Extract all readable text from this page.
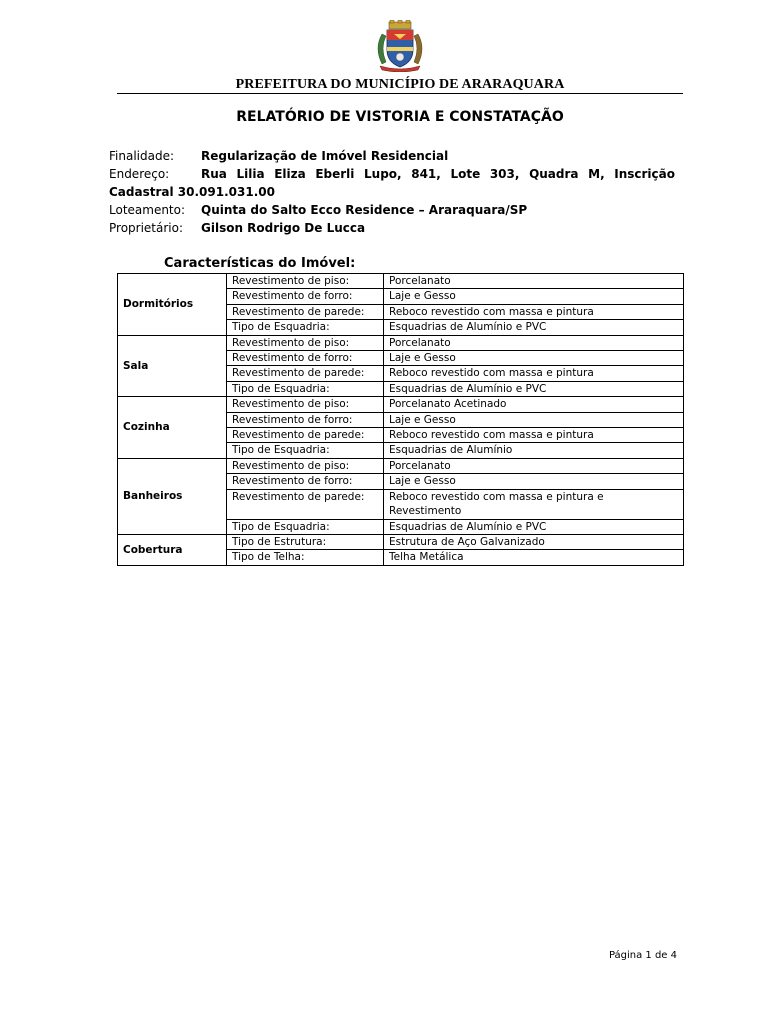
PREFEITURA DO MUNICÍPIO DE ARARAQUARA
RELATÓRIO DE VISTORIA E CONSTATAÇÃO
Finalidade: Regularização de Imóvel Residencial
Endereço:	Rua Lilia Eliza Eberli Lupo, 841, Lote 303, Quadra M, Inscrição Cadastral 30.091.031.00
Loteamento: Quinta do Salto Ecco Residence – Araraquara/SP
Proprietário: Gilson Rodrigo De Lucca
Características do Imóvel:
Dormitórios	Revestimento de piso:	Porcelanato
	Revestimento de forro:	Laje e Gesso
	Revestimento de parede:	Reboco revestido com massa e pintura
	Tipo de Esquadria:	Esquadrias de Alumínio e PVC
Sala	Revestimento de piso:	Porcelanato
	Revestimento de forro:	Laje e Gesso
	Revestimento de parede:	Reboco revestido com massa e pintura
	Tipo de Esquadria:	Esquadrias de Alumínio e PVC
Cozinha	Revestimento de piso:	Porcelanato Acetinado
	Revestimento de forro:	Laje e Gesso
	Revestimento de parede:	Reboco revestido com massa e pintura
	Tipo de Esquadria:	Esquadrias de Alumínio
Banheiros	Revestimento de piso:	Porcelanato
	Revestimento de forro:	Laje e Gesso
	Revestimento de parede:	Reboco revestido com massa e pintura e Revestimento
	Tipo de Esquadria:	Esquadrias de Alumínio e PVC
Cobertura	Tipo de Estrutura:	Estrutura de Aço Galvanizado
	Tipo de Telha:	Telha Metálica
Página 1 de 4
